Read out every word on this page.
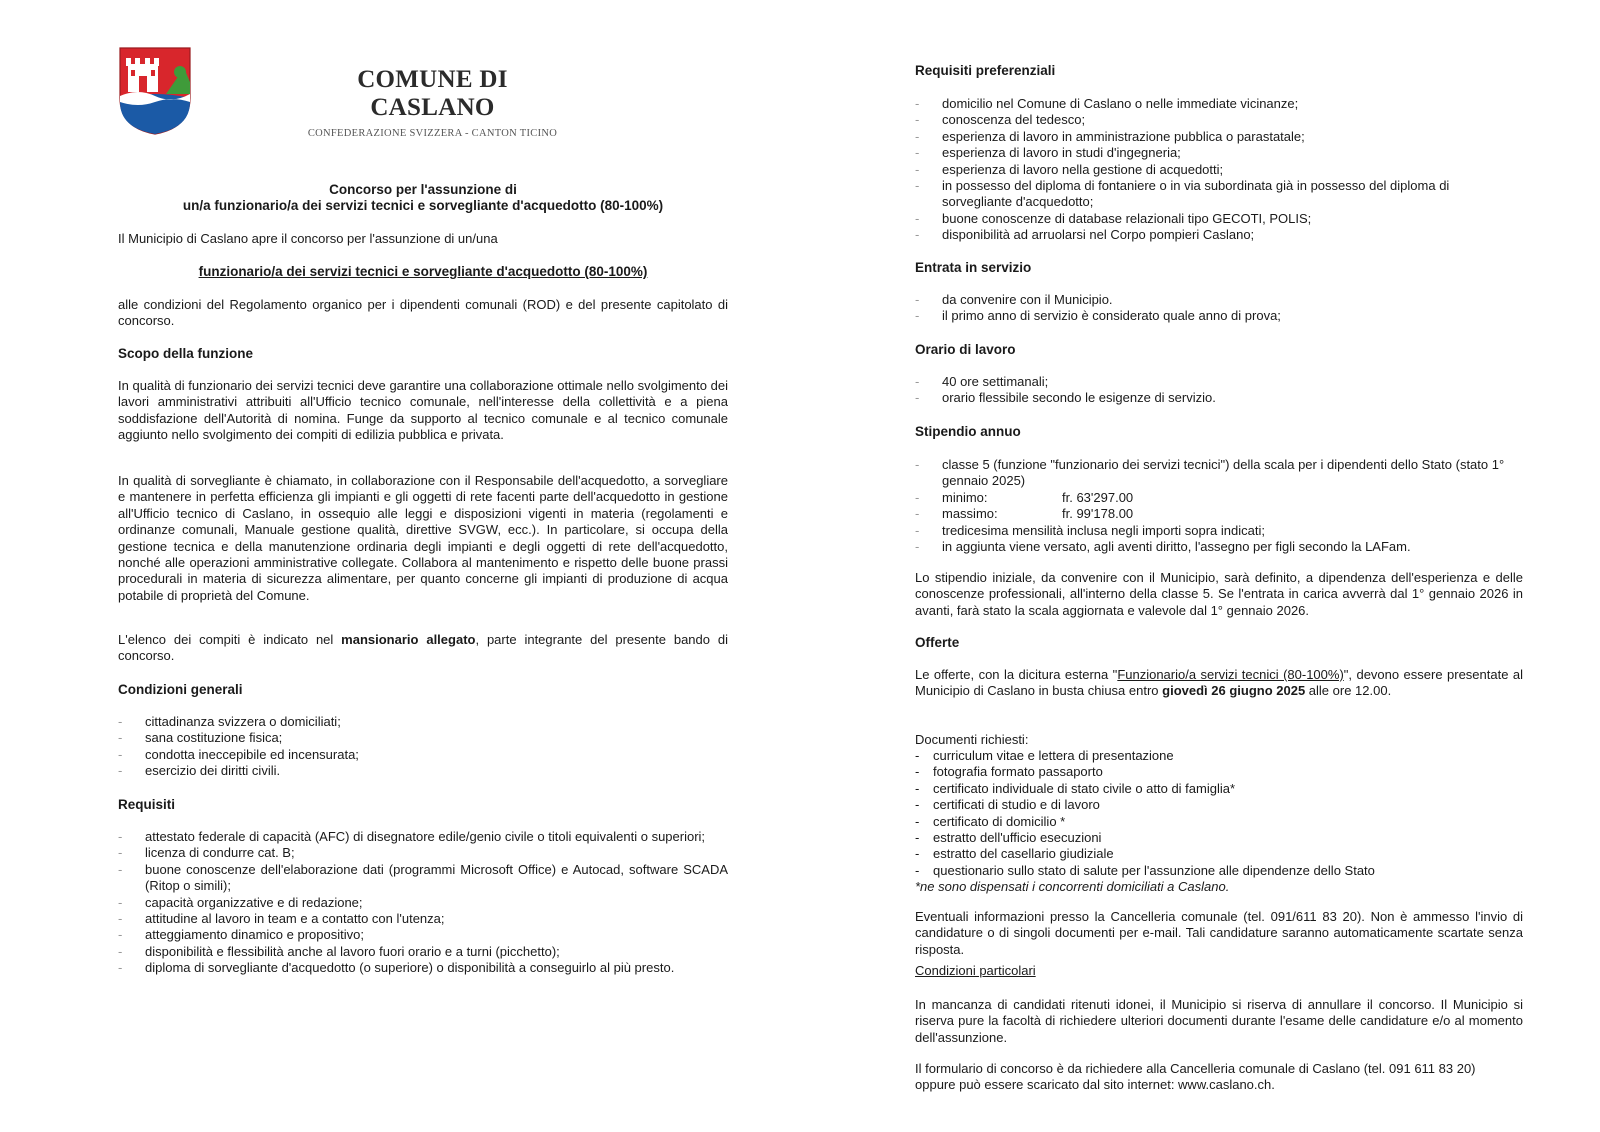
COMUNE DI CASLANO
CONFEDERAZIONE SVIZZERA - CANTON TICINO
Concorso per l'assunzione di
un/a funzionario/a dei servizi tecnici e sorvegliante d'acquedotto (80-100%)
Il Municipio di Caslano apre il concorso per l'assunzione di un/una
funzionario/a dei servizi tecnici e sorvegliante d'acquedotto (80-100%)
alle condizioni del Regolamento organico per i dipendenti comunali (ROD) e del presente capitolato di concorso.
Scopo della funzione
In qualità di funzionario dei servizi tecnici deve garantire una collaborazione ottimale nello svolgimento dei lavori amministrativi attribuiti all'Ufficio tecnico comunale, nell'interesse della collettività e a piena soddisfazione dell'Autorità di nomina. Funge da supporto al tecnico comunale e al tecnico comunale aggiunto nello svolgimento dei compiti di edilizia pubblica e privata.
In qualità di sorvegliante è chiamato, in collaborazione con il Responsabile dell'acquedotto, a sorvegliare e mantenere in perfetta efficienza gli impianti e gli oggetti di rete facenti parte dell'acquedotto in gestione all'Ufficio tecnico di Caslano, in ossequio alle leggi e disposizioni vigenti in materia (regolamenti e ordinanze comunali, Manuale gestione qualità, direttive SVGW, ecc.). In particolare, si occupa della gestione tecnica e della manutenzione ordinaria degli impianti e degli oggetti di rete dell'acquedotto, nonché alle operazioni amministrative collegate. Collabora al mantenimento e rispetto delle buone prassi procedurali in materia di sicurezza alimentare, per quanto concerne gli impianti di produzione di acqua potabile di proprietà del Comune.
L'elenco dei compiti è indicato nel mansionario allegato, parte integrante del presente bando di concorso.
Condizioni generali
- cittadinanza svizzera o domiciliati;
- sana costituzione fisica;
- condotta ineccepibile ed incensurata;
- esercizio dei diritti civili.
Requisiti
- attestato federale di capacità (AFC) di disegnatore edile/genio civile o titoli equivalenti o superiori;
- licenza di condurre cat. B;
- buone conoscenze dell'elaborazione dati (programmi Microsoft Office) e Autocad, software SCADA (Ritop o simili);
- capacità organizzative e di redazione;
- attitudine al lavoro in team e a contatto con l'utenza;
- atteggiamento dinamico e propositivo;
- disponibilità e flessibilità anche al lavoro fuori orario e a turni (picchetto);
- diploma di sorvegliante d'acquedotto (o superiore) o disponibilità a conseguirlo al più presto.
Requisiti preferenziali
- domicilio nel Comune di Caslano o nelle immediate vicinanze;
- conoscenza del tedesco;
- esperienza di lavoro in amministrazione pubblica o parastatale;
- esperienza di lavoro in studi d'ingegneria;
- esperienza di lavoro nella gestione di acquedotti;
- in possesso del diploma di fontaniere o in via subordinata già in possesso del diploma di sorvegliante d'acquedotto;
- buone conoscenze di database relazionali tipo GECOTI, POLIS;
- disponibilità ad arruolarsi nel Corpo pompieri Caslano;
Entrata in servizio
- da convenire con il Municipio.
- il primo anno di servizio è considerato quale anno di prova;
Orario di lavoro
- 40 ore settimanali;
- orario flessibile secondo le esigenze di servizio.
Stipendio annuo
- classe 5 (funzione "funzionario dei servizi tecnici") della scala per i dipendenti dello Stato (stato 1° gennaio 2025)
- minimo:	fr. 63'297.00
- massimo:	fr. 99'178.00
- tredicesima mensilità inclusa negli importi sopra indicati;
- in aggiunta viene versato, agli aventi diritto, l'assegno per figli secondo la LAFam.
Lo stipendio iniziale, da convenire con il Municipio, sarà definito, a dipendenza dell'esperienza e delle conoscenze professionali, all'interno della classe 5. Se l'entrata in carica avverrà dal 1° gennaio 2026 in avanti, farà stato la scala aggiornata e valevole dal 1° gennaio 2026.
Offerte
Le offerte, con la dicitura esterna "Funzionario/a servizi tecnici (80-100%)", devono essere presentate al Municipio di Caslano in busta chiusa entro giovedì 26 giugno 2025 alle ore 12.00.
Documenti richiesti:
- curriculum vitae e lettera di presentazione
- fotografia formato passaporto
- certificato individuale di stato civile o atto di famiglia*
- certificati di studio e di lavoro
- certificato di domicilio *
- estratto dell'ufficio esecuzioni
- estratto del casellario giudiziale
- questionario sullo stato di salute per l'assunzione alle dipendenze dello Stato
*ne sono dispensati i concorrenti domiciliati a Caslano.
Eventuali informazioni presso la Cancelleria comunale (tel. 091/611 83 20). Non è ammesso l'invio di candidature o di singoli documenti per e-mail. Tali candidature saranno automaticamente scartate senza risposta.
Condizioni particolari
In mancanza di candidati ritenuti idonei, il Municipio si riserva di annullare il concorso. Il Municipio si riserva pure la facoltà di richiedere ulteriori documenti durante l'esame delle candidature e/o al momento dell'assunzione.
Il formulario di concorso è da richiedere alla Cancelleria comunale di Caslano (tel. 091 611 83 20) oppure può essere scaricato dal sito internet: www.caslano.ch.
